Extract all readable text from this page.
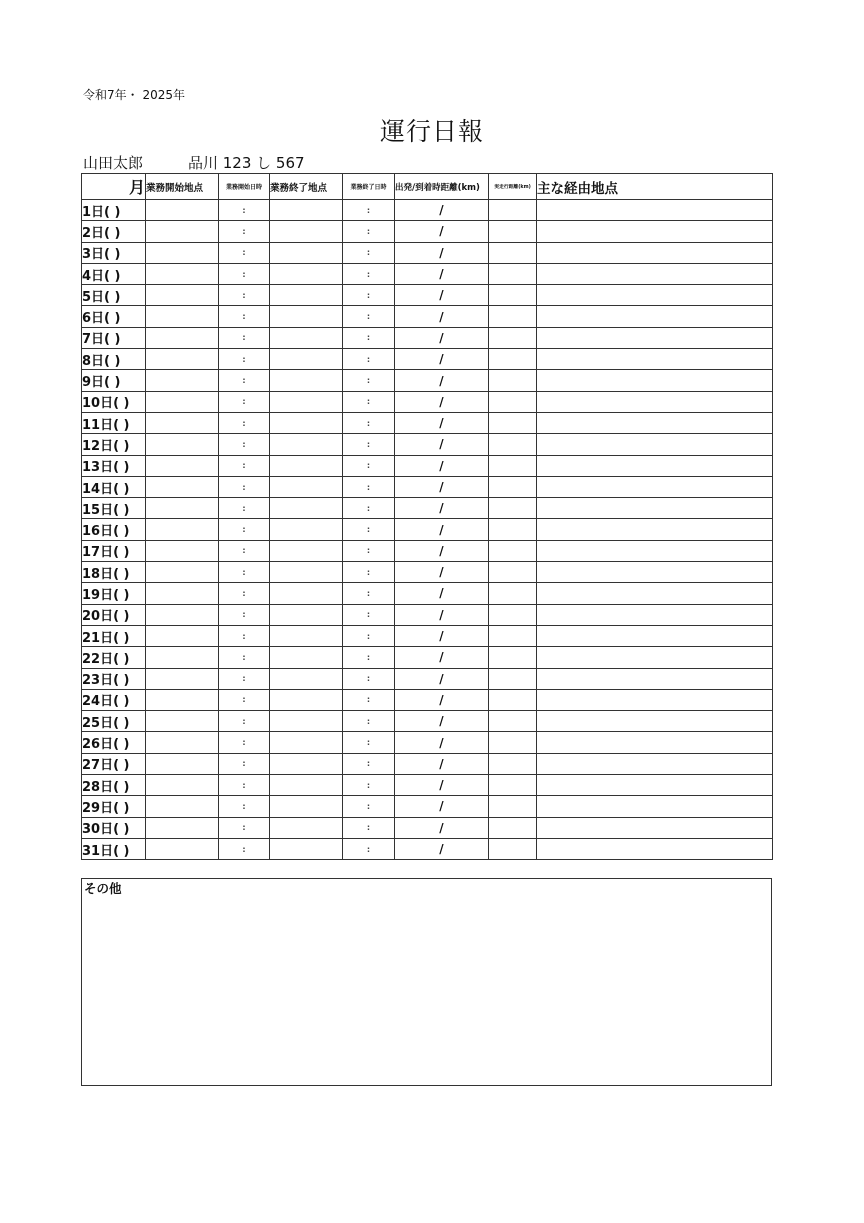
令和7年・ 2025年
運行日報
山田太郎	品川 123 し 567
月	業務開始地点	業務開始日時	業務終了地点	業務終了日時	出発/到着時距離(km)	実走行距離(km)	主な経由地点
1日( )		:		:	/		
2日( )		:		:	/		
3日( )		:		:	/		
4日( )		:		:	/		
5日( )		:		:	/		
6日( )		:		:	/		
7日( )		:		:	/		
8日( )		:		:	/		
9日( )		:		:	/		
10日( )		:		:	/		
11日( )		:		:	/		
12日( )		:		:	/		
13日( )		:		:	/		
14日( )		:		:	/		
15日( )		:		:	/		
16日( )		:		:	/		
17日( )		:		:	/		
18日( )		:		:	/		
19日( )		:		:	/		
20日( )		:		:	/		
21日( )		:		:	/		
22日( )		:		:	/		
23日( )		:		:	/		
24日( )		:		:	/		
25日( )		:		:	/		
26日( )		:		:	/		
27日( )		:		:	/		
28日( )		:		:	/		
29日( )		:		:	/		
30日( )		:		:	/		
31日( )		:		:	/		
その他
